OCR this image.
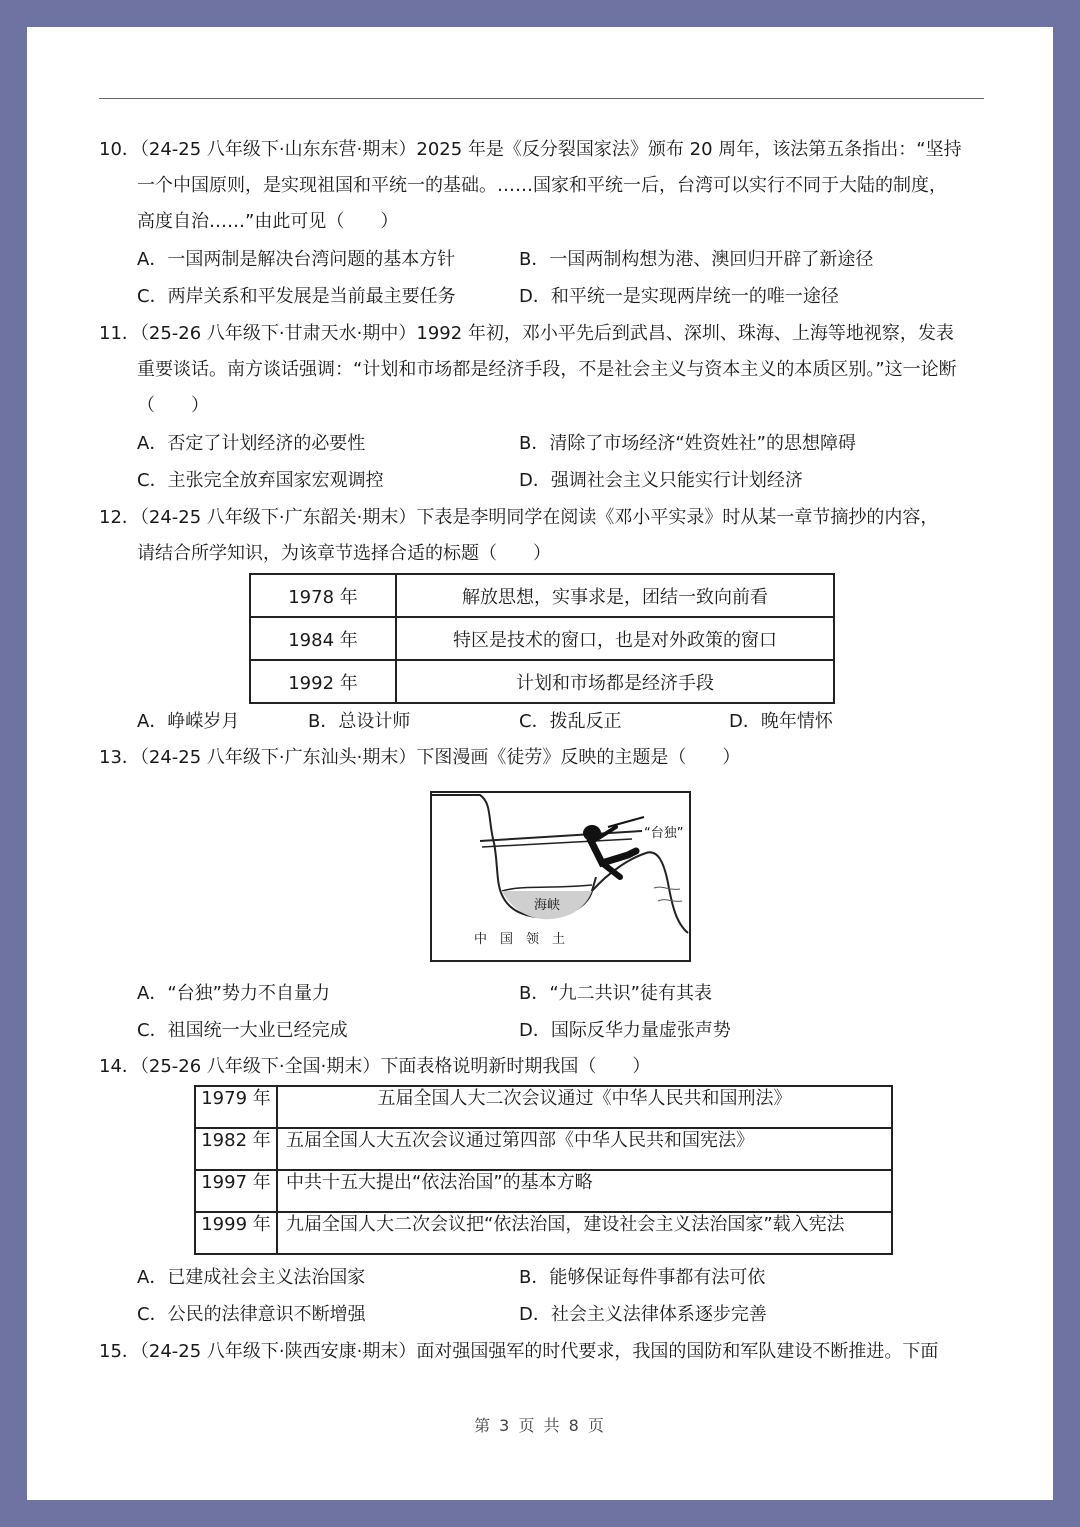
10．（24-25 八年级下·山东东营·期末）2025 年是《反分裂国家法》颁布 20 周年，该法第五条指出：“坚持
一个中国原则，是实现祖国和平统一的基础。……国家和平统一后，台湾可以实行不同于大陆的制度，
高度自治……”由此可见（　　）
A．一国两制是解决台湾问题的基本方针	B．一国两制构想为港、澳回归开辟了新途径
C．两岸关系和平发展是当前最主要任务	D．和平统一是实现两岸统一的唯一途径
11．（25-26 八年级下·甘肃天水·期中）1992 年初，邓小平先后到武昌、深圳、珠海、上海等地视察，发表
重要谈话。南方谈话强调：“计划和市场都是经济手段，不是社会主义与资本主义的本质区别。”这一论断
（　　）
A．否定了计划经济的必要性	B．清除了市场经济“姓资姓社”的思想障碍
C．主张完全放弃国家宏观调控	D．强调社会主义只能实行计划经济
12．（24-25 八年级下·广东韶关·期末）下表是李明同学在阅读《邓小平实录》时从某一章节摘抄的内容，
请结合所学知识，为该章节选择合适的标题（　　）
1978 年	解放思想，实事求是，团结一致向前看
1984 年	特区是技术的窗口，也是对外政策的窗口
1992 年	计划和市场都是经济手段
A．峥嵘岁月	B．总设计师	C．拨乱反正	D．晚年情怀
13．（24-25 八年级下·广东汕头·期末）下图漫画《徒劳》反映的主题是（　　）
“台独”
海峡
中　国　领　土
A．“台独”势力不自量力	B．“九二共识”徒有其表
C．祖国统一大业已经完成	D．国际反华力量虚张声势
14．（25-26 八年级下·全国·期末）下面表格说明新时期我国（　　）
1979 年	五届全国人大二次会议通过《中华人民共和国刑法》
1982 年	五届全国人大五次会议通过第四部《中华人民共和国宪法》
1997 年	中共十五大提出“依法治国”的基本方略
1999 年	九届全国人大二次会议把“依法治国，建设社会主义法治国家”载入宪法
A．已建成社会主义法治国家	B．能够保证每件事都有法可依
C．公民的法律意识不断增强	D．社会主义法律体系逐步完善
15．（24-25 八年级下·陕西安康·期末）面对强国强军的时代要求，我国的国防和军队建设不断推进。下面
第 3 页 共 8 页
